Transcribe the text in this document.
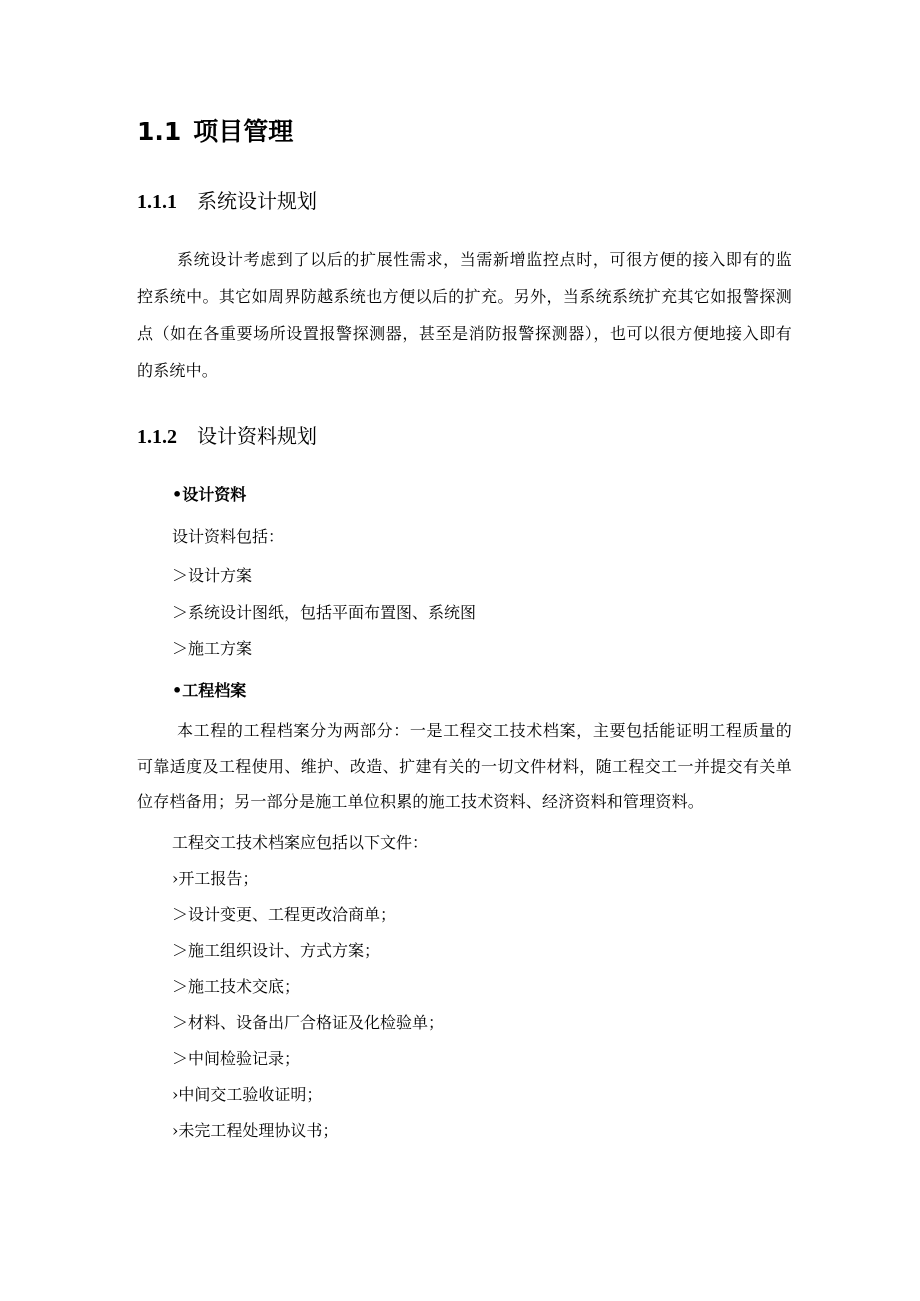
1.1 项目管理
1.1.1 系统设计规划
系统设计考虑到了以后的扩展性需求，当需新增监控点时，可很方便的接入即有的监控系统中。其它如周界防越系统也方便以后的扩充。另外，当系统系统扩充其它如报警探测点（如在各重要场所设置报警探测器，甚至是消防报警探测器），也可以很方便地接入即有的系统中。
1.1.2 设计资料规划
•设计资料
设计资料包括：
＞设计方案
＞系统设计图纸，包括平面布置图、系统图
＞施工方案
•工程档案
本工程的工程档案分为两部分：一是工程交工技术档案，主要包括能证明工程质量的可靠适度及工程使用、维护、改造、扩建有关的一切文件材料，随工程交工一并提交有关单位存档备用；另一部分是施工单位积累的施工技术资料、经济资料和管理资料。
工程交工技术档案应包括以下文件：
›开工报告；
＞设计变更、工程更改洽商单；
＞施工组织设计、方式方案；
＞施工技术交底；
＞材料、设备出厂合格证及化检验单；
＞中间检验记录；
›中间交工验收证明；
›未完工程处理协议书；
